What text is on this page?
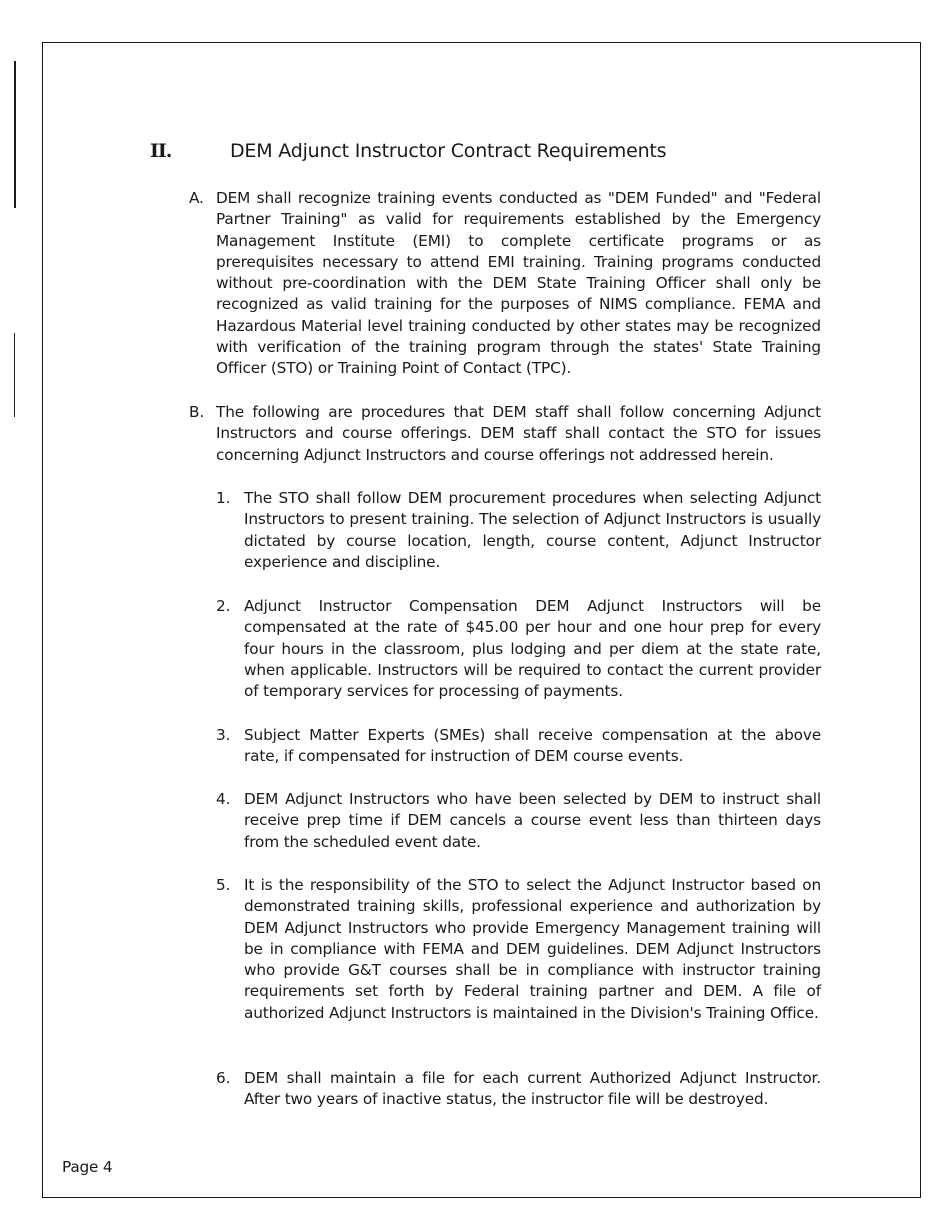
II.	DEM Adjunct Instructor Contract Requirements
A. DEM shall recognize training events conducted as "DEM Funded" and "Federal Partner Training" as valid for requirements established by the Emergency Management Institute (EMI) to complete certificate programs or as prerequisites necessary to attend EMI training. Training programs conducted without pre-coordination with the DEM State Training Officer shall only be recognized as valid training for the purposes of NIMS compliance. FEMA and Hazardous Material level training conducted by other states may be recognized with verification of the training program through the states' State Training Officer (STO) or Training Point of Contact (TPC).
B. The following are procedures that DEM staff shall follow concerning Adjunct Instructors and course offerings. DEM staff shall contact the STO for issues concerning Adjunct Instructors and course offerings not addressed herein.
1. The STO shall follow DEM procurement procedures when selecting Adjunct Instructors to present training. The selection of Adjunct Instructors is usually dictated by course location, length, course content, Adjunct Instructor experience and discipline.
2. Adjunct Instructor Compensation DEM Adjunct Instructors will be compensated at the rate of $45.00 per hour and one hour prep for every four hours in the classroom, plus lodging and per diem at the state rate, when applicable. Instructors will be required to contact the current provider of temporary services for processing of payments.
3. Subject Matter Experts (SMEs) shall receive compensation at the above rate, if compensated for instruction of DEM course events.
4. DEM Adjunct Instructors who have been selected by DEM to instruct shall receive prep time if DEM cancels a course event less than thirteen days from the scheduled event date.
5. It is the responsibility of the STO to select the Adjunct Instructor based on demonstrated training skills, professional experience and authorization by DEM Adjunct Instructors who provide Emergency Management training will be in compliance with FEMA and DEM guidelines. DEM Adjunct Instructors who provide G&T courses shall be in compliance with instructor training requirements set forth by Federal training partner and DEM. A file of authorized Adjunct Instructors is maintained in the Division's Training Office.
6. DEM shall maintain a file for each current Authorized Adjunct Instructor. After two years of inactive status, the instructor file will be destroyed.
Page 4
